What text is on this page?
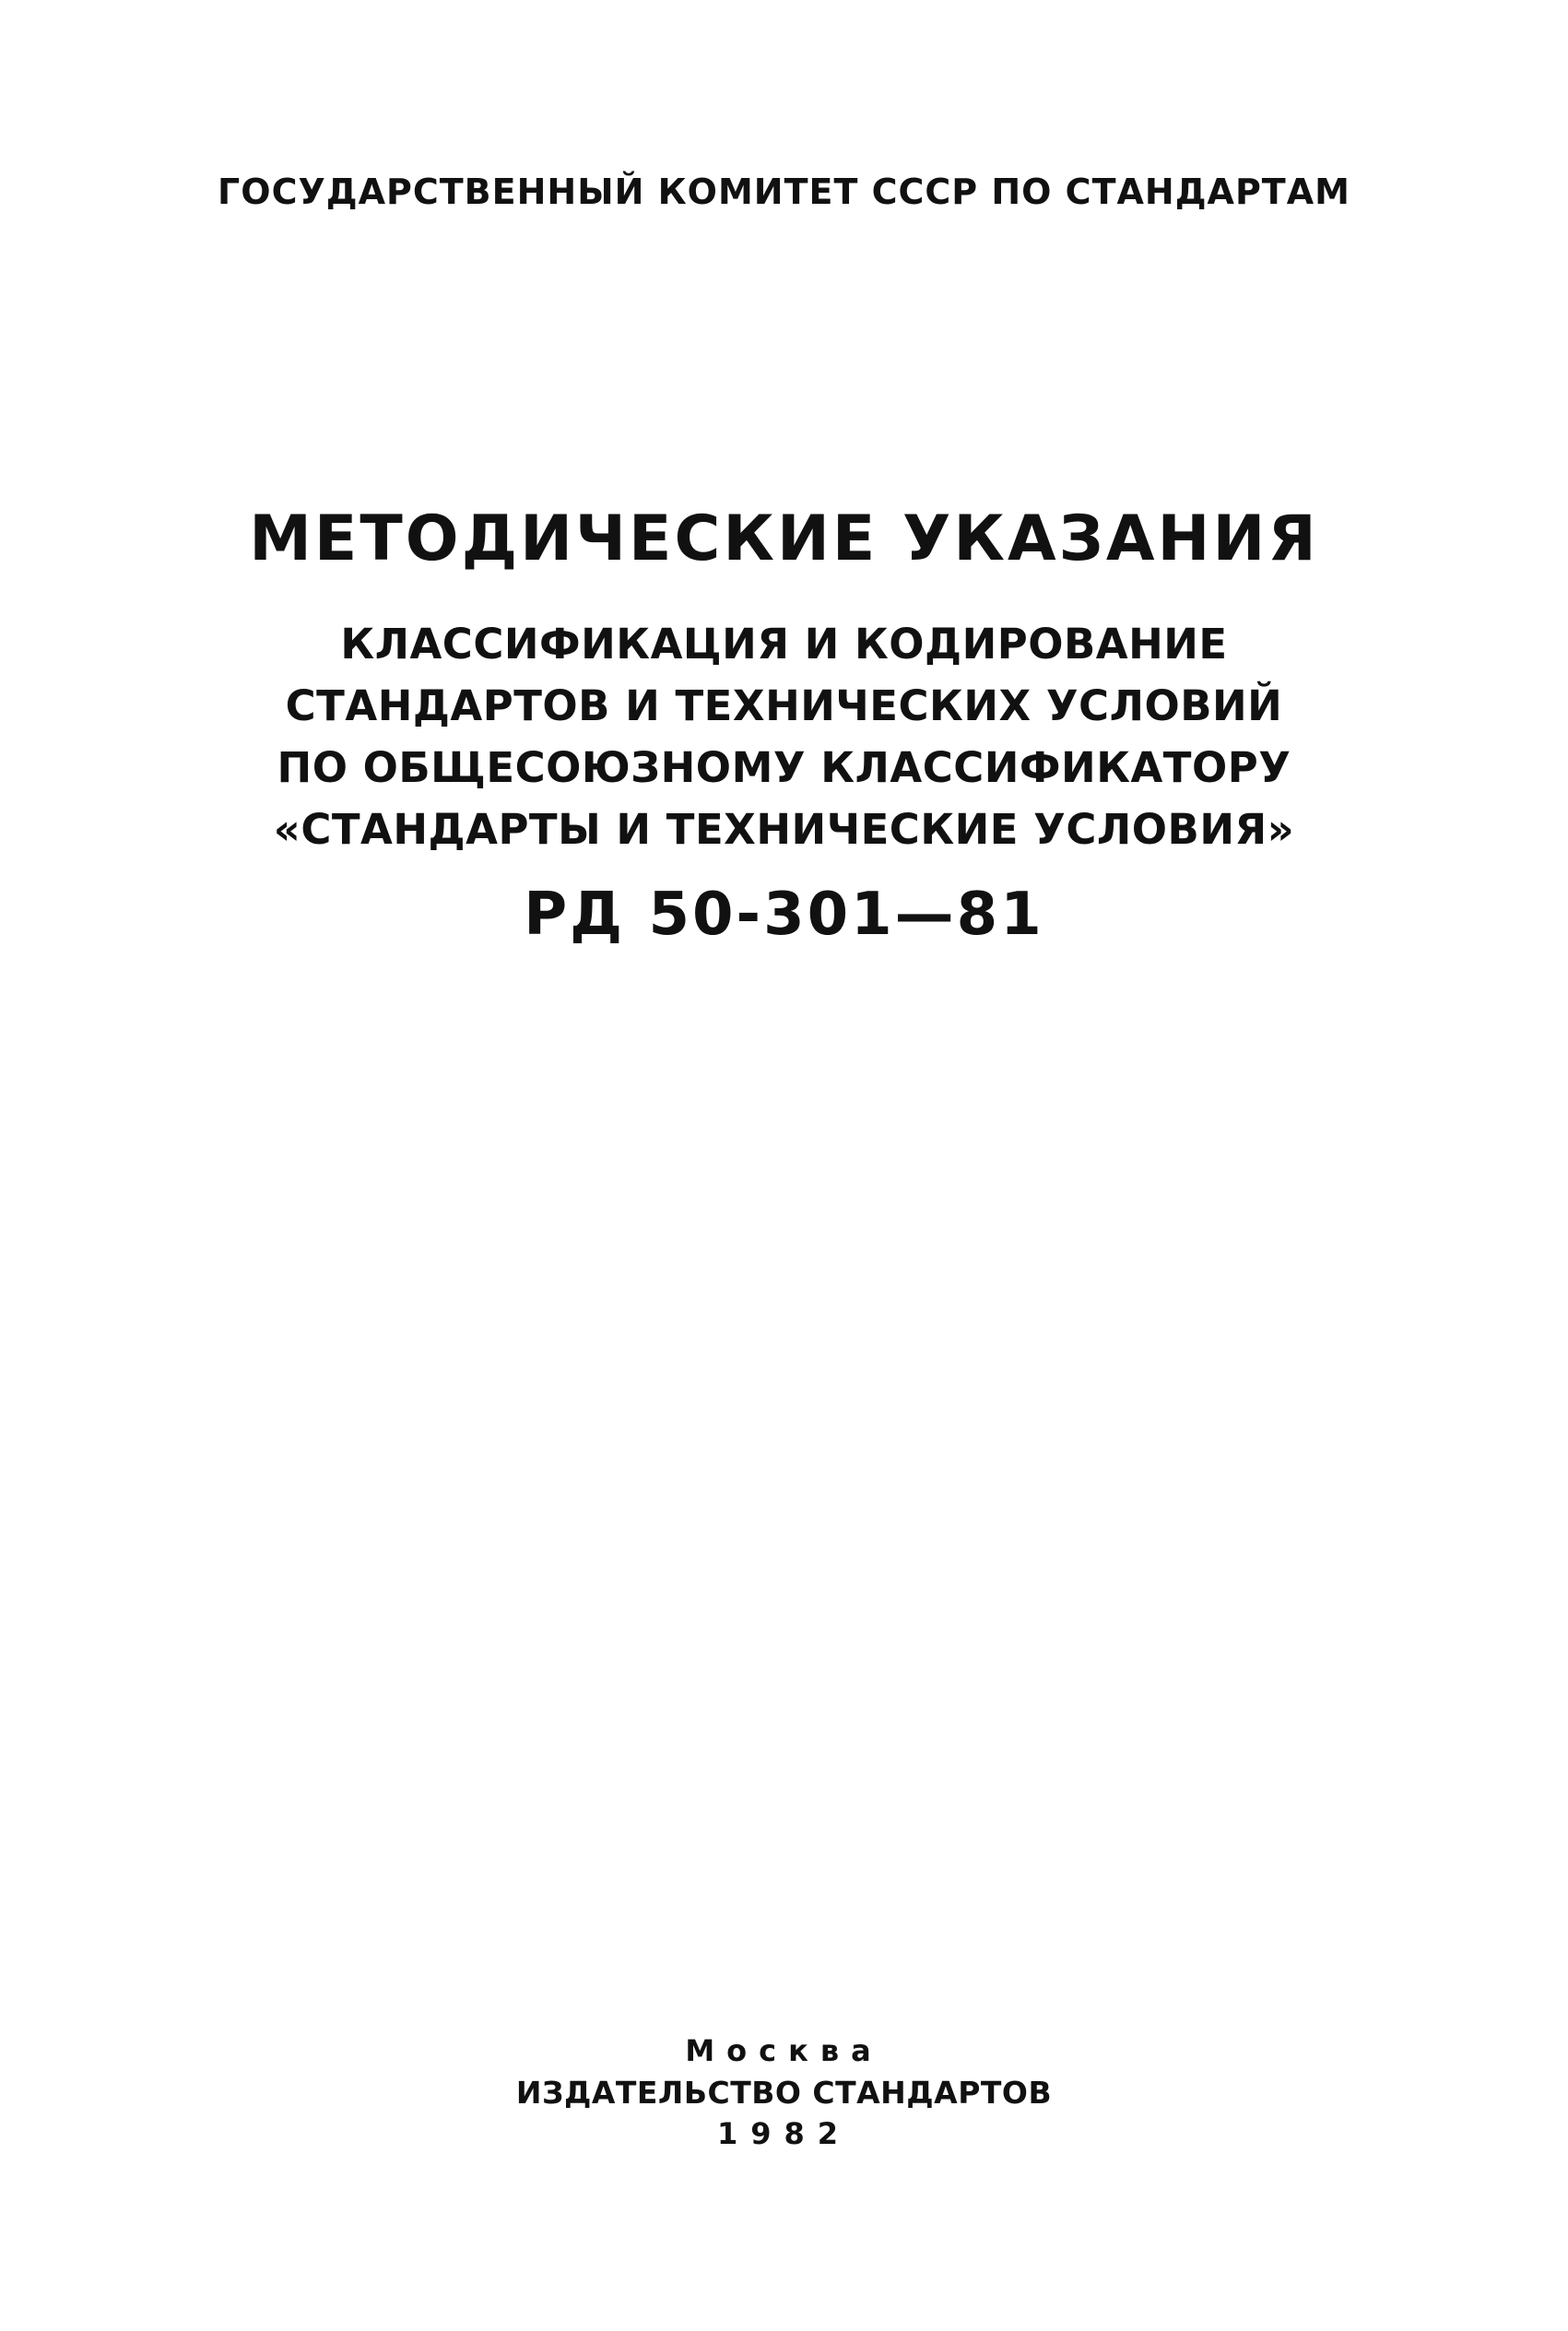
ГОСУДАРСТВЕННЫЙ КОМИТЕТ СССР ПО СТАНДАРТАМ
МЕТОДИЧЕСКИЕ УКАЗАНИЯ
КЛАССИФИКАЦИЯ И КОДИРОВАНИЕ
СТАНДАРТОВ И ТЕХНИЧЕСКИХ УСЛОВИЙ
ПО ОБЩЕСОЮЗНОМУ КЛАССИФИКАТОРУ
«СТАНДАРТЫ И ТЕХНИЧЕСКИЕ УСЛОВИЯ»
РД 50-301—81
Москва
ИЗДАТЕЛЬСТВО СТАНДАРТОВ
1982
